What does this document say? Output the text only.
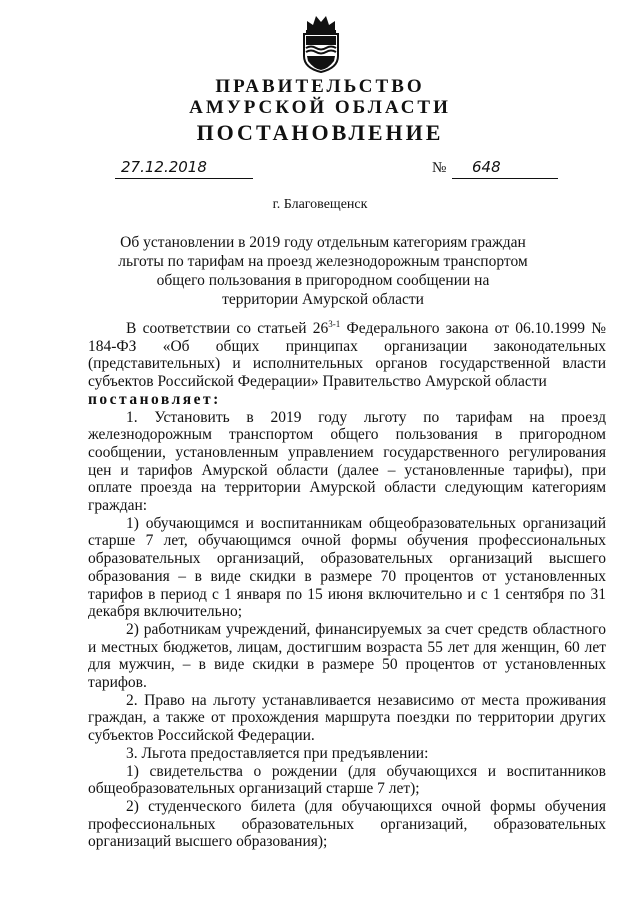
ПРАВИТЕЛЬСТВО
АМУРСКОЙ ОБЛАСТИ
ПОСТАНОВЛЕНИЕ
27.12.2018	№ 648
г. Благовещенск
Об установлении в 2019 году отдельным категориям граждан льготы по тарифам на проезд железнодорожным транспортом общего пользования в пригородном сообщении на территории Амурской области

В соответствии со статьей 26$^{3-1}$ Федерального закона от 06.10.1999 № 184-ФЗ «Об общих принципах организации законодательных (представительных) и исполнительных органов государственной власти субъектов Российской Федерации» Правительство Амурской области

постановляет:

1. Установить в 2019 году льготу по тарифам на проезд железнодорожным транспортом общего пользования в пригородном сообщении, установленным управлением государственного регулирования цен и тарифов Амурской области (далее – установленные тарифы), при оплате проезда на территории Амурской области следующим категориям граждан:

1) обучающимся и воспитанникам общеобразовательных организаций старше 7 лет, обучающимся очной формы обучения профессиональных образовательных организаций, образовательных организаций высшего образования – в виде скидки в размере 70 процентов от установленных тарифов в период с 1 января по 15 июня включительно и с 1 сентября по 31 декабря включительно;

2) работникам учреждений, финансируемых за счет средств областного и местных бюджетов, лицам, достигшим возраста 55 лет для женщин, 60 лет для мужчин, – в виде скидки в размере 50 процентов от установленных тарифов.

2. Право на льготу устанавливается независимо от места проживания граждан, а также от прохождения маршрута поездки по территории других субъектов Российской Федерации.

3. Льгота предоставляется при предъявлении:

1) свидетельства о рождении (для обучающихся и воспитанников общеобразовательных организаций старше 7 лет);

2) студенческого билета (для обучающихся очной формы обучения профессиональных образовательных организаций, образовательных организаций высшего образования);
